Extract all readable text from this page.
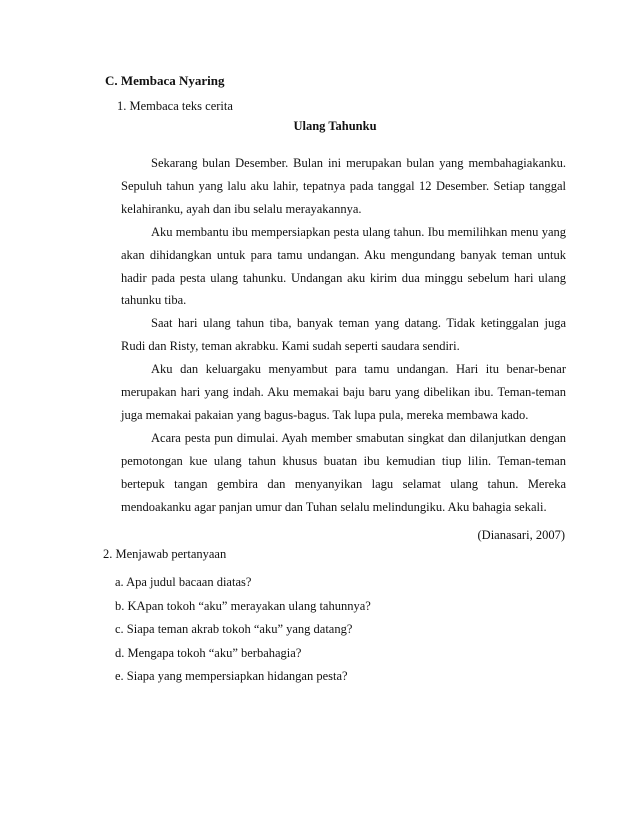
C. Membaca Nyaring
1. Membaca teks cerita
Ulang Tahunku

Sekarang bulan Desember. Bulan ini merupakan bulan yang membahagiakanku. Sepuluh tahun yang lalu aku lahir, tepatnya pada tanggal 12 Desember. Setiap tanggal kelahiranku, ayah dan ibu selalu merayakannya.

Aku membantu ibu mempersiapkan pesta ulang tahun. Ibu memilihkan menu yang akan dihidangkan untuk para tamu undangan. Aku mengundang banyak teman untuk hadir pada pesta ulang tahunku. Undangan aku kirim dua minggu sebelum hari ulang tahunku tiba.

Saat hari ulang tahun tiba, banyak teman yang datang. Tidak ketinggalan juga Rudi dan Risty, teman akrabku. Kami sudah seperti saudara sendiri.

Aku dan keluargaku menyambut para tamu undangan. Hari itu benar-benar merupakan hari yang indah. Aku memakai baju baru yang dibelikan ibu. Teman-teman juga memakai pakaian yang bagus-bagus. Tak lupa pula, mereka membawa kado.

Acara pesta pun dimulai. Ayah member smabutan singkat dan dilanjutkan dengan pemotongan kue ulang tahun khusus buatan ibu kemudian tiup lilin. Teman-teman bertepuk tangan gembira dan menyanyikan lagu selamat ulang tahun. Mereka mendoakanku agar panjan umur dan Tuhan selalu melindungiku. Aku bahagia sekali.

(Dianasari, 2007)
2. Menjawab pertanyaan
a. Apa judul bacaan diatas?
b. KApan tokoh “aku” merayakan ulang tahunnya?
c. Siapa teman akrab tokoh “aku” yang datang?
d. Mengapa tokoh “aku” berbahagia?
e. Siapa yang mempersiapkan hidangan pesta?
